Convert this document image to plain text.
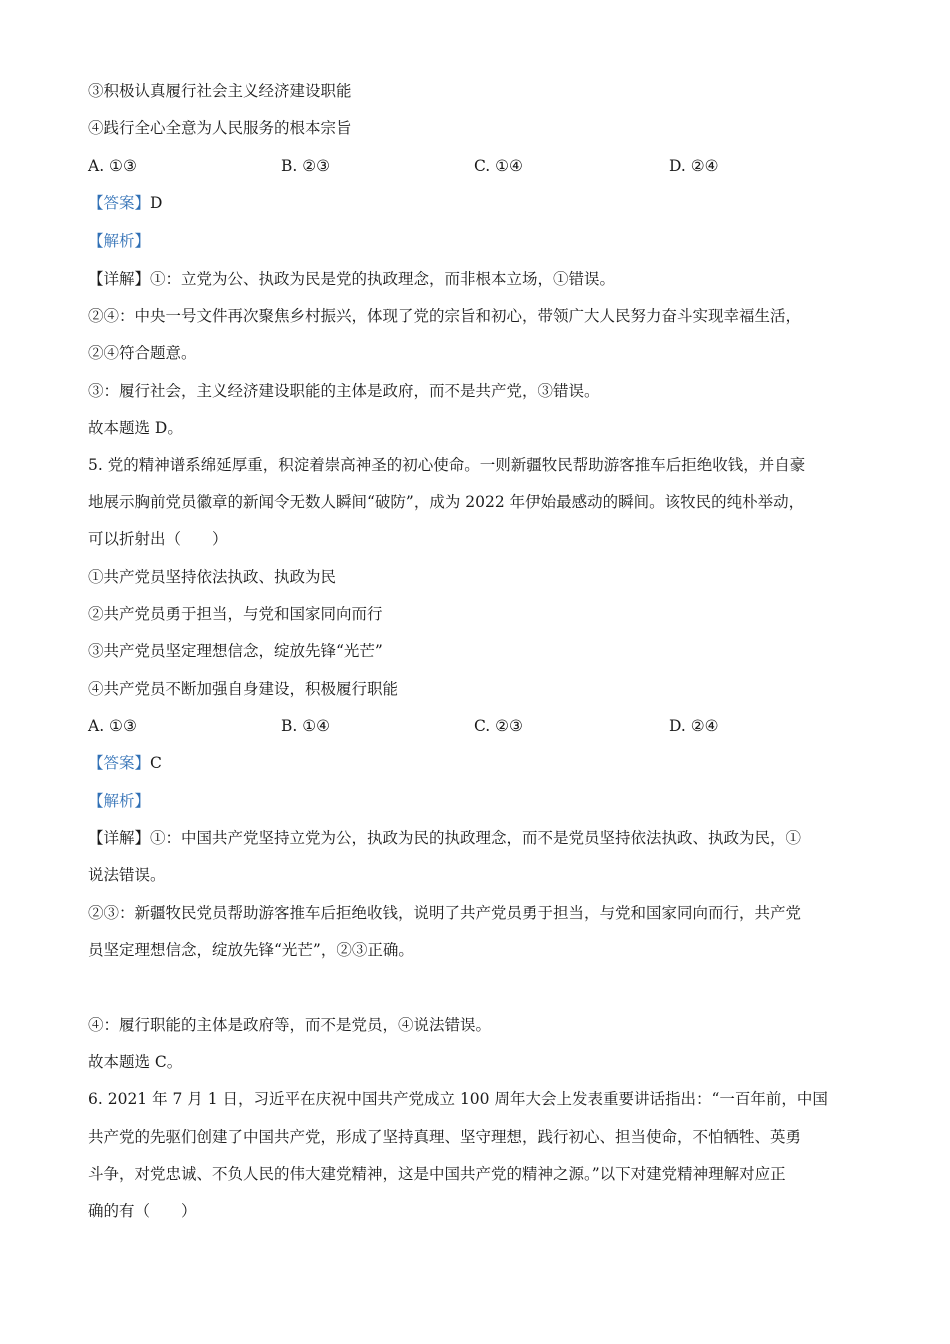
③积极认真履行社会主义经济建设职能
④践行全心全意为人民服务的根本宗旨
A. ①③	B. ②③	C. ①④	D. ②④
【答案】D
【解析】
【详解】①：立党为公、执政为民是党的执政理念，而非根本立场，①错误。
②④：中央一号文件再次聚焦乡村振兴，体现了党的宗旨和初心，带领广大人民努力奋斗实现幸福生活，
②④符合题意。
③：履行社会，主义经济建设职能的主体是政府，而不是共产党，③错误。
故本题选 D。
5. 党的精神谱系绵延厚重，积淀着崇高神圣的初心使命。一则新疆牧民帮助游客推车后拒绝收钱，并自豪
地展示胸前党员徽章的新闻令无数人瞬间“破防”，成为 2022 年伊始最感动的瞬间。该牧民的纯朴举动，
可以折射出（　　）
①共产党员坚持依法执政、执政为民
②共产党员勇于担当，与党和国家同向而行
③共产党员坚定理想信念，绽放先锋“光芒”
④共产党员不断加强自身建设，积极履行职能
A. ①③	B. ①④	C. ②③	D. ②④
【答案】C
【解析】
【详解】①：中国共产党坚持立党为公，执政为民的执政理念，而不是党员坚持依法执政、执政为民，①
说法错误。
②③：新疆牧民党员帮助游客推车后拒绝收钱，说明了共产党员勇于担当，与党和国家同向而行，共产党
员坚定理想信念，绽放先锋“光芒”，②③正确。
④：履行职能的主体是政府等，而不是党员，④说法错误。
故本题选 C。
6. 2021 年 7 月 1 日，习近平在庆祝中国共产党成立 100 周年大会上发表重要讲话指出：“一百年前，中国
共产党的先驱们创建了中国共产党，形成了坚持真理、坚守理想，践行初心、担当使命，不怕牺牲、英勇
斗争，对党忠诚、不负人民的伟大建党精神，这是中国共产党的精神之源。”以下对建党精神理解对应正
确的有（　　）
